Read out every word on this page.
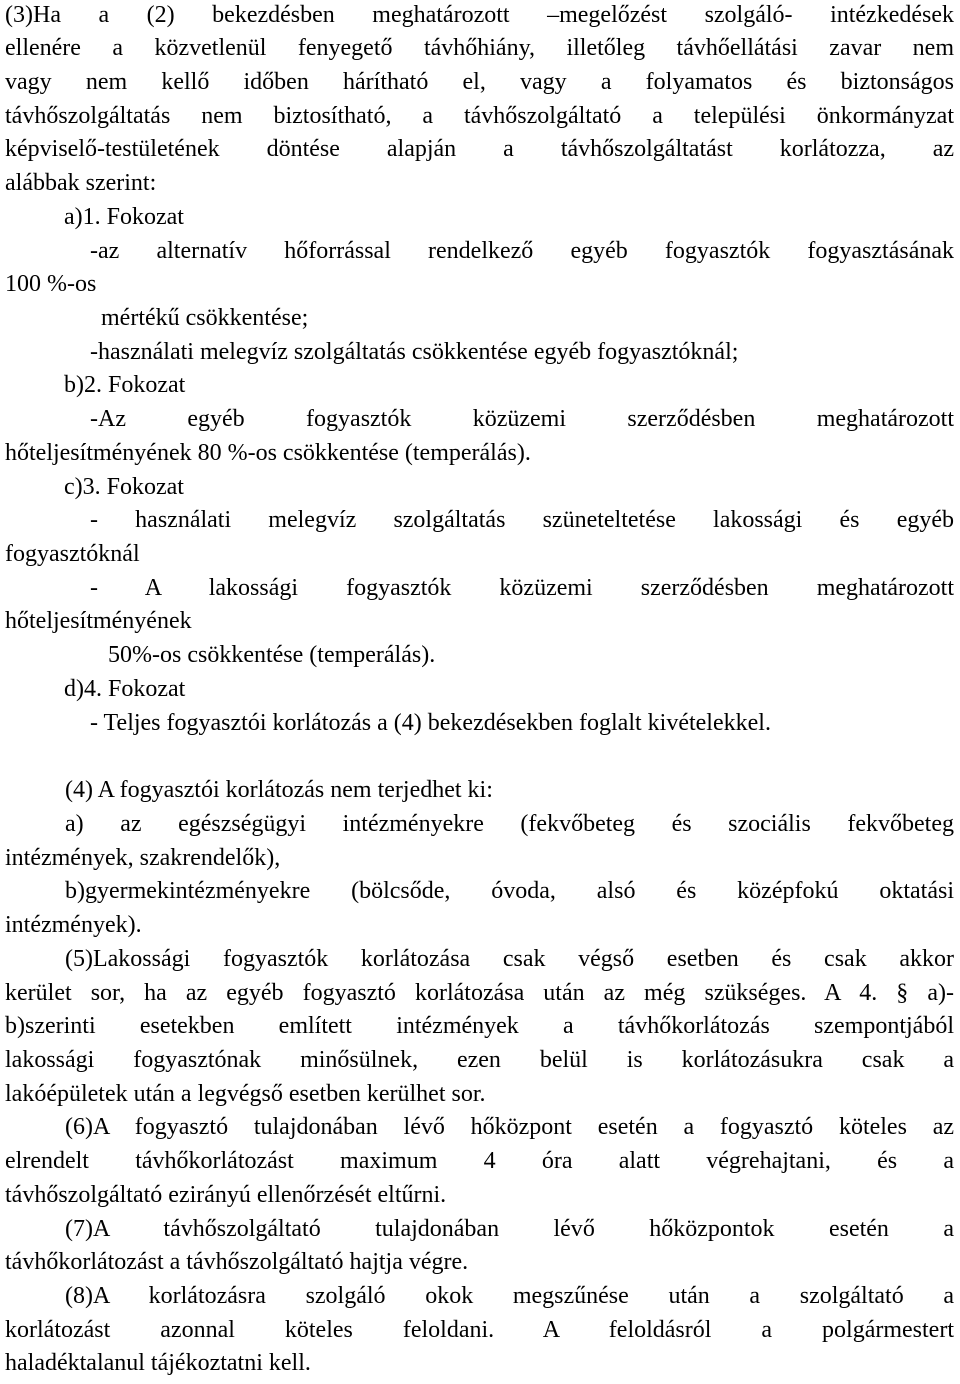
(3)Ha a (2) bekezdésben meghatározott –megelőzést szolgáló- intézkedések

ellenére a közvetlenül fenyegető távhőhiány, illetőleg távhőellátási zavar nem

vagy nem kellő időben hárítható el, vagy a folyamatos és biztonságos

távhőszolgáltatás nem biztosítható, a távhőszolgáltató a települési önkormányzat

képviselő-testületének döntése alapján a távhőszolgáltatást korlátozza, az

alábbak szerint:

a)1. Fokozat

-az alternatív hőforrással rendelkező egyéb fogyasztók fogyasztásának

100 %-os

mértékű csökkentése;

-használati melegvíz szolgáltatás csökkentése egyéb fogyasztóknál;

b)2. Fokozat

-Az egyéb fogyasztók közüzemi szerződésben meghatározott

hőteljesítményének 80 %-os csökkentése (temperálás).

c)3. Fokozat

- használati melegvíz szolgáltatás szüneteltetése lakossági és egyéb

fogyasztóknál

- A lakossági fogyasztók közüzemi szerződésben meghatározott

hőteljesítményének

50%-os csökkentése (temperálás).

d)4. Fokozat

- Teljes fogyasztói korlátozás a (4) bekezdésekben foglalt kivételekkel.

(4) A fogyasztói korlátozás nem terjedhet ki:

a) az egészségügyi intézményekre (fekvőbeteg és szociális fekvőbeteg

intézmények, szakrendelők),

b)gyermekintézményekre (bölcsőde, óvoda, alsó és középfokú oktatási

intézmények).

(5)Lakossági fogyasztók korlátozása csak végső esetben és csak akkor

kerület sor, ha az egyéb fogyasztó korlátozása után az még szükséges. A 4. § a)-

b)szerinti esetekben említett intézmények a távhőkorlátozás szempontjából

lakossági fogyasztónak minősülnek, ezen belül is korlátozásukra csak a

lakóépületek után a legvégső esetben kerülhet sor.

(6)A fogyasztó tulajdonában lévő hőközpont esetén a fogyasztó köteles az

elrendelt távhőkorlátozást maximum 4 óra alatt végrehajtani, és a

távhőszolgáltató ezirányú ellenőrzését eltűrni.

(7)A távhőszolgáltató tulajdonában lévő hőközpontok esetén a

távhőkorlátozást a távhőszolgáltató hajtja végre.

(8)A korlátozásra szolgáló okok megszűnése után a szolgáltató a

korlátozást azonnal köteles feloldani. A feloldásról a polgármestert

haladéktalanul tájékoztatni kell.
